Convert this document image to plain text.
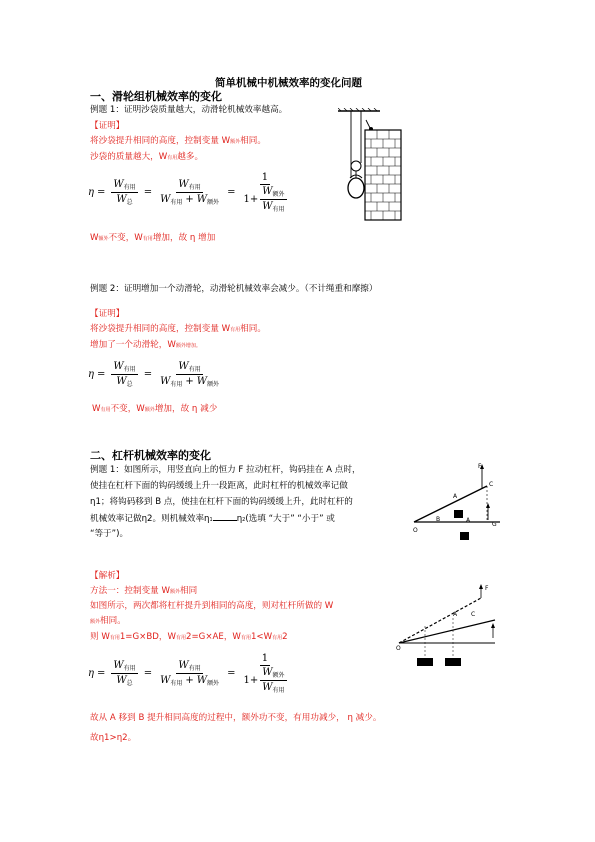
简单机械中机械效率的变化问题
一、滑轮组机械效率的变化
例题 1：证明沙袋质量越大，动滑轮机械效率越高。
【证明】
将沙袋提升相同的高度，控制变量 W额外相同。
沙袋的质量越大，W有用越多。
$\eta = \frac{W_{有用}}{W_总} = \frac{W_{有用}}{W_{有用} + W_{额外}} = \frac{1}{1+ \frac{W_{额外}}{W_{有用}}}$
W额外不变，W有用增加，故 η 增加
例题 2：证明增加一个动滑轮，动滑轮机械效率会减少。（不计绳重和摩擦）
【证明】
将沙袋提升相同的高度，控制变量 W有用相同。
增加了一个动滑轮，W额外增加。
$\eta = \frac{W_{有用}}{W_总} = \frac{W_{有用}}{W_{有用} + W_{额外}}$
W有用不变，W额外增加，故 η 减少
二、杠杆机械效率的变化
例题 1：如图所示，用竖直向上的恒力 F 拉动杠杆，钩码挂在 A 点时，
使挂在杠杆下面的钩码缓缓上升一段距离，此时杠杆的机械效率记做
η1；将钩码移到 B 点，使挂在杠杆下面的钩码缓缓上升，此时杠杆的
机械效率记做η2。则机械效率η1	η2(选填 “大于” “小于” 或
“等于”)。
F
C
A
B
O
A
G
【解析】
方法一：控制变量 W额外相同
如图所示，两次都将杠杆提升到相同的高度，则对杠杆所做的 W
额外相同。
则 W有用1=G×BD，W有用2=G×AE，W有用1<W有用2
$\eta = \frac{W_{有用}}{W_总} = \frac{W_{有用}}{W_{有用} + W_{额外}} = \frac{1}{1+ \frac{W_{额外}}{W_{有用}}}$
故从 A 移到 B 提升相同高度的过程中，额外功不变，有用功减少， η 减少。
故η1>η2。
F
C
A
O
